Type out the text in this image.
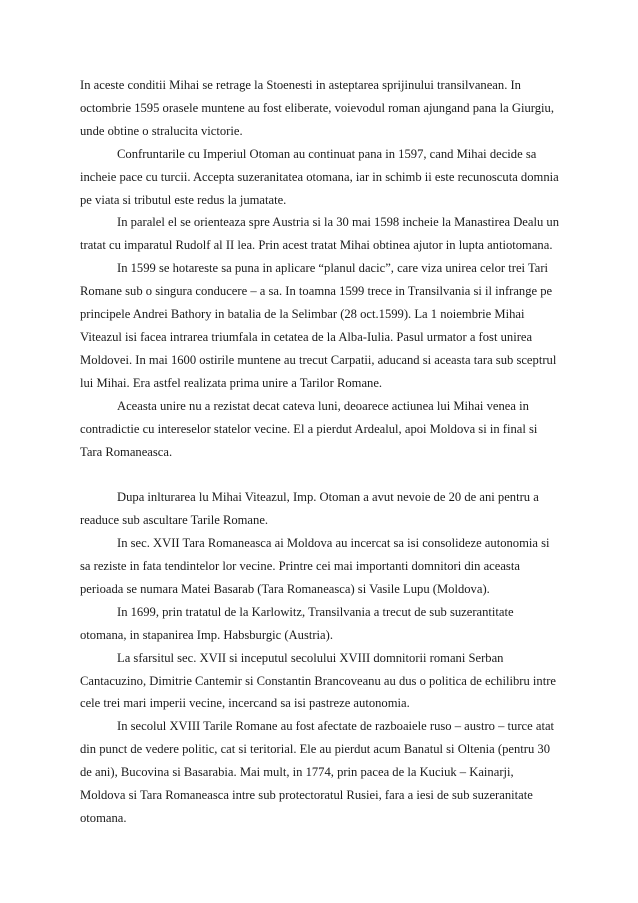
In aceste conditii Mihai se retrage la Stoenesti in asteptarea sprijinului transilvanean. In octombrie 1595 orasele muntene au fost eliberate, voievodul roman ajungand pana la Giurgiu, unde obtine o stralucita victorie.

Confruntarile cu Imperiul Otoman au continuat pana in 1597, cand Mihai decide sa incheie pace cu turcii. Accepta suzeranitatea otomana, iar in schimb ii este recunoscuta domnia pe viata si tributul este redus la jumatate.

In paralel el se orienteaza spre Austria si la 30 mai 1598 incheie la Manastirea Dealu un tratat cu imparatul Rudolf al II lea. Prin acest tratat Mihai obtinea ajutor in lupta antiotomana.

In 1599 se hotareste sa puna in aplicare “planul dacic”, care viza unirea celor trei Tari Romane sub o singura conducere – a sa. In toamna 1599 trece in Transilvania si il infrange pe principele Andrei Bathory in batalia de la Selimbar (28 oct.1599). La 1 noiembrie Mihai Viteazul isi facea intrarea triumfala in cetatea de la Alba-Iulia. Pasul urmator a fost unirea Moldovei. In mai 1600 ostirile muntene au trecut Carpatii, aducand si aceasta tara sub sceptrul lui Mihai. Era astfel realizata prima unire a Tarilor Romane.

Aceasta unire nu a rezistat decat cateva luni, deoarece actiunea lui Mihai venea in contradictie cu intereselor statelor vecine. El a pierdut Ardealul, apoi Moldova si in final si Tara Romaneasca.

Dupa inlturarea lu Mihai Viteazul, Imp. Otoman a avut nevoie de 20 de ani pentru a readuce sub ascultare Tarile Romane.

In sec. XVII Tara Romaneasca ai Moldova au incercat sa isi consolideze autonomia si sa reziste in fata tendintelor lor vecine. Printre cei mai importanti domnitori din aceasta perioada se numara Matei Basarab (Tara Romaneasca) si Vasile Lupu (Moldova).

In 1699, prin tratatul de la Karlowitz, Transilvania a trecut de sub suzerantitate otomana, in stapanirea Imp. Habsburgic (Austria).

La sfarsitul sec. XVII si inceputul secolului XVIII domnitorii romani Serban Cantacuzino, Dimitrie Cantemir si Constantin Brancoveanu au dus o politica de echilibru intre cele trei mari imperii vecine, incercand sa isi pastreze autonomia.

In secolul XVIII Tarile Romane au fost afectate de razboaiele ruso – austro – turce atat din punct de vedere politic, cat si teritorial. Ele au pierdut acum Banatul si Oltenia (pentru 30 de ani), Bucovina si Basarabia. Mai mult, in 1774, prin pacea de la Kuciuk – Kainarji, Moldova si Tara Romaneasca intre sub protectoratul Rusiei, fara a iesi de sub suzeranitate otomana.
